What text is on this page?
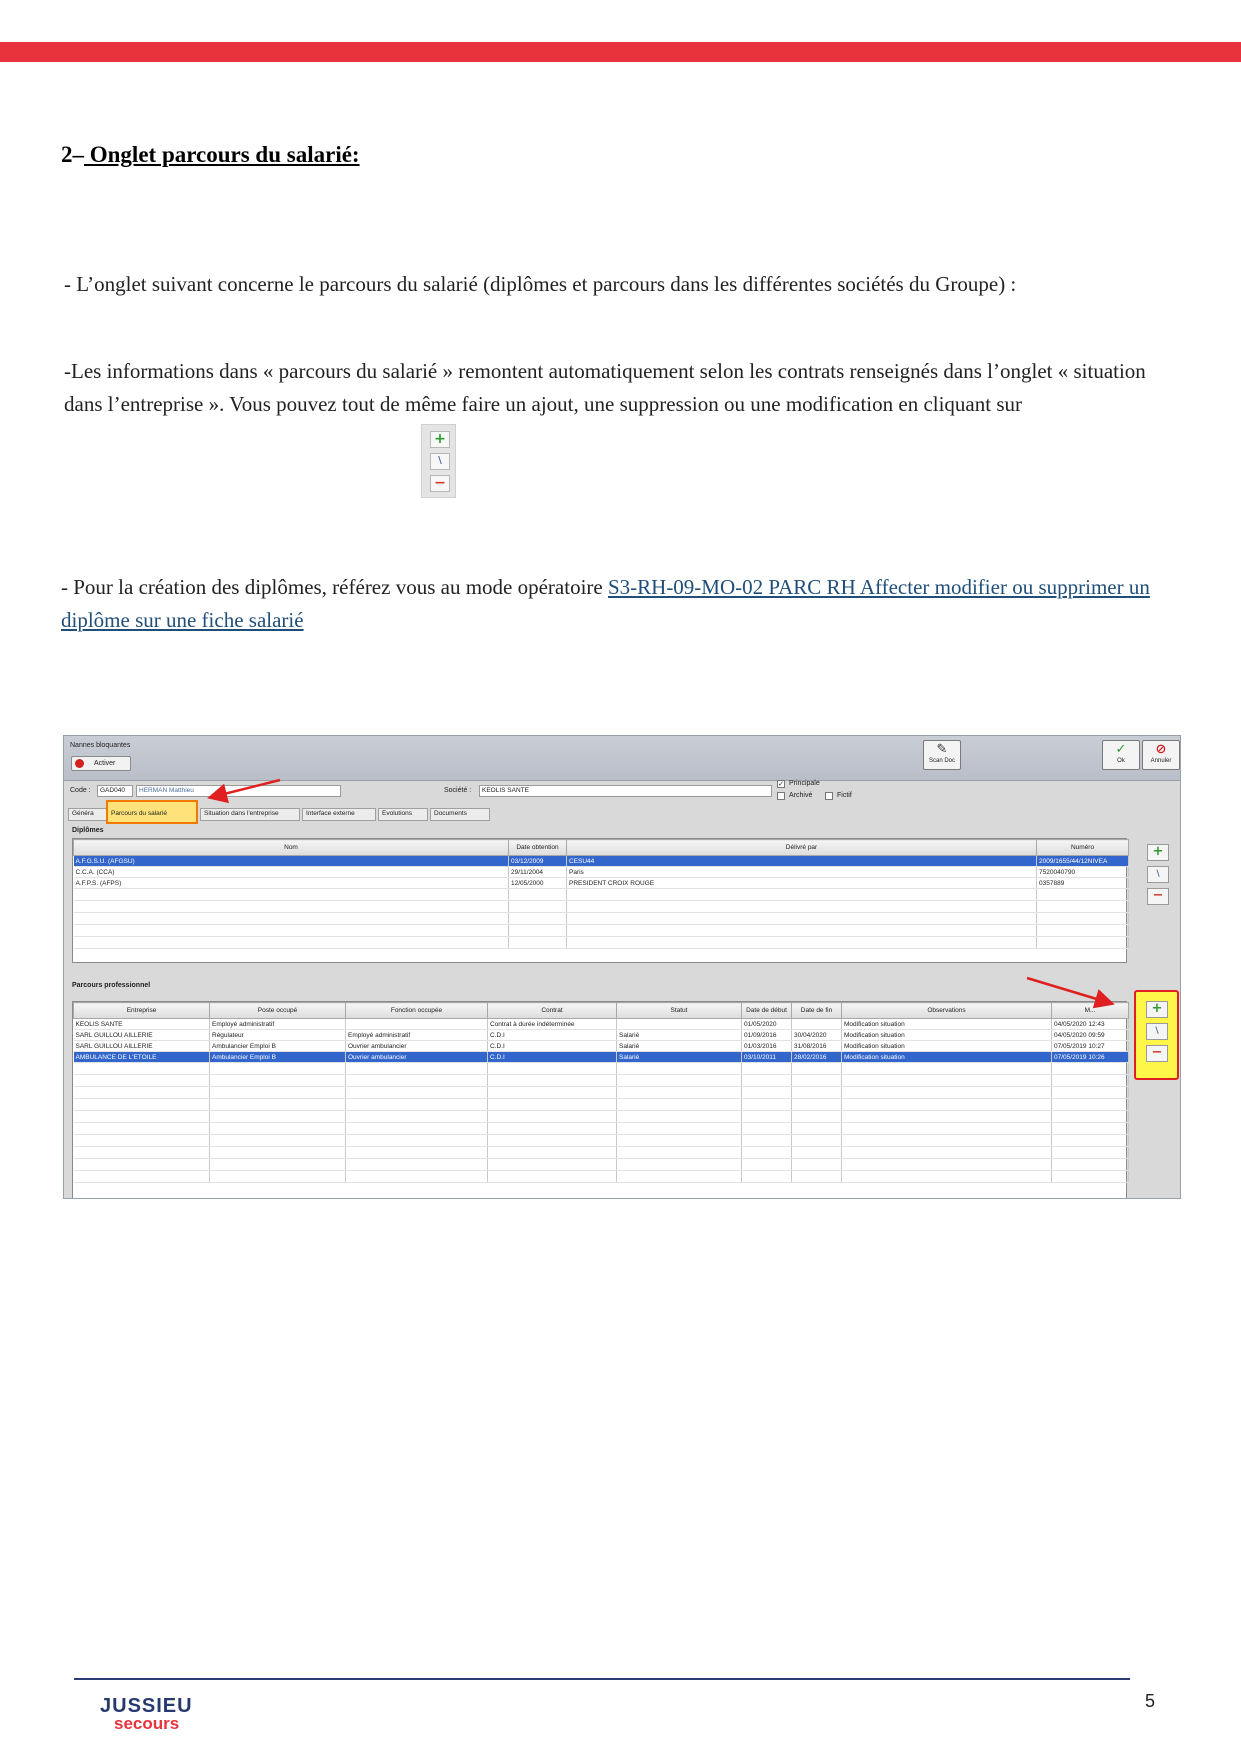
2– Onglet parcours du salarié:

- L’onglet suivant concerne le parcours du salarié (diplômes et parcours dans les différentes sociétés du Groupe) :

-Les informations dans « parcours du salarié » remontent automatiquement selon les contrats renseignés dans l’onglet « situation dans l’entreprise ». Vous pouvez tout de même faire un ajout, une suppression ou une modification en cliquant sur

+
\
−

- Pour la création des diplômes, référez vous au mode opératoire S3-RH-09-MO-02 PARC RH Affecter modifier ou supprimer un diplôme sur une fiche salarié

Nannes bloquantes
Activer
✎
Scan Doc
✓
Ok
⊘
Annuler
Code :	GAD040	HERMAN Matthieu	Société :	KEOLIS SANTE
✓ Principale
Archivé	Fictif
Généra	Parcours du salarié	Situation dans l'entreprise	Interface externe	Evolutions	Documents
Diplômes
Nom	Date obtention	Délivré par	Numéro
A.F.G.S.U. (AFGSU)	03/12/2009	CESU44	2009/1655/44/12NIVEA
C.C.A. (CCA)	29/11/2004	Paris	7520040790
A.F.P.S. (AFPS)	12/05/2000	PRESIDENT CROIX ROUGE	0357889

+
\
−
Parcours professionnel
Entreprise	Poste occupé	Fonction occupée	Contrat	Statut	Date de début	Date de fin	Observations	M...
KEOLIS SANTE	Employé administratif		Contrat à durée indéterminée		01/05/2020		Modification situation	04/05/2020 12:43
SARL GUILLOU AILLERIE	Régulateur	Employé administratif	C.D.I	Salarié	01/09/2016	30/04/2020	Modification situation	04/05/2020 09:59
SARL GUILLOU AILLERIE	Ambulancier Emploi B	Ouvrier ambulancier	C.D.I	Salarié	01/03/2016	31/08/2016	Modification situation	07/05/2019 10:27
AMBULANCE DE L'ETOILE	Ambulancier Emploi B	Ouvrier ambulancier	C.D.I	Salarié	03/10/2011	28/02/2016	Modification situation	07/05/2019 10:26

+
\
−
JUSSIEU
secours
5
